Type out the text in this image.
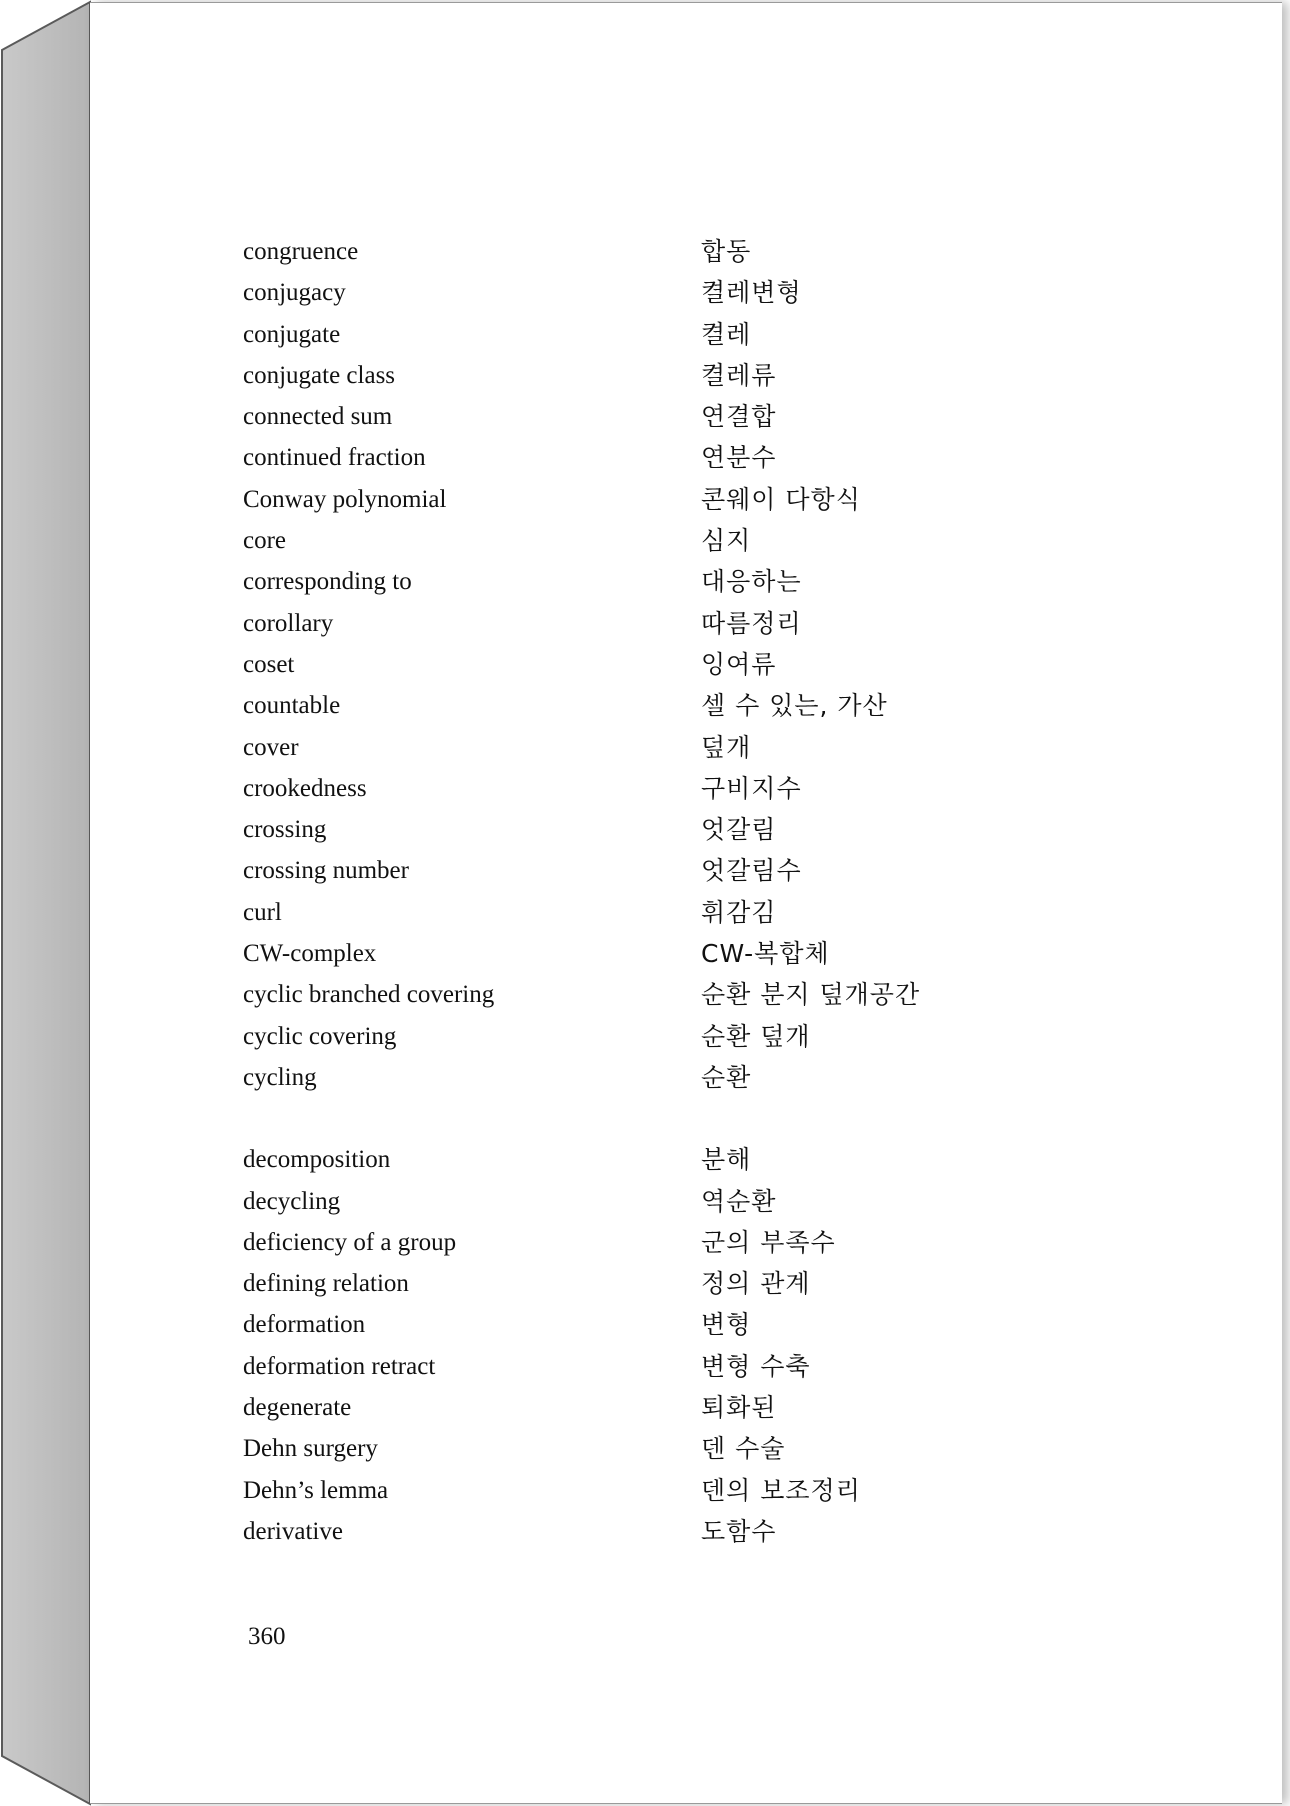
congruence	합동
conjugacy	켤레변형
conjugate	켤레
conjugate class	켤레류
connected sum	연결합
continued fraction	연분수
Conway polynomial	콘웨이 다항식
core	심지
corresponding to	대응하는
corollary	따름정리
coset	잉여류
countable	셀 수 있는, 가산
cover	덮개
crookedness	구비지수
crossing	엇갈림
crossing number	엇갈림수
curl	휘감김
CW-complex	CW-복합체
cyclic branched covering	순환 분지 덮개공간
cyclic covering	순환 덮개
cycling	순환
decomposition	분해
decycling	역순환
deficiency of a group	군의 부족수
defining relation	정의 관계
deformation	변형
deformation retract	변형 수축
degenerate	퇴화된
Dehn surgery	덴 수술
Dehn’s lemma	덴의 보조정리
derivative	도함수
360
